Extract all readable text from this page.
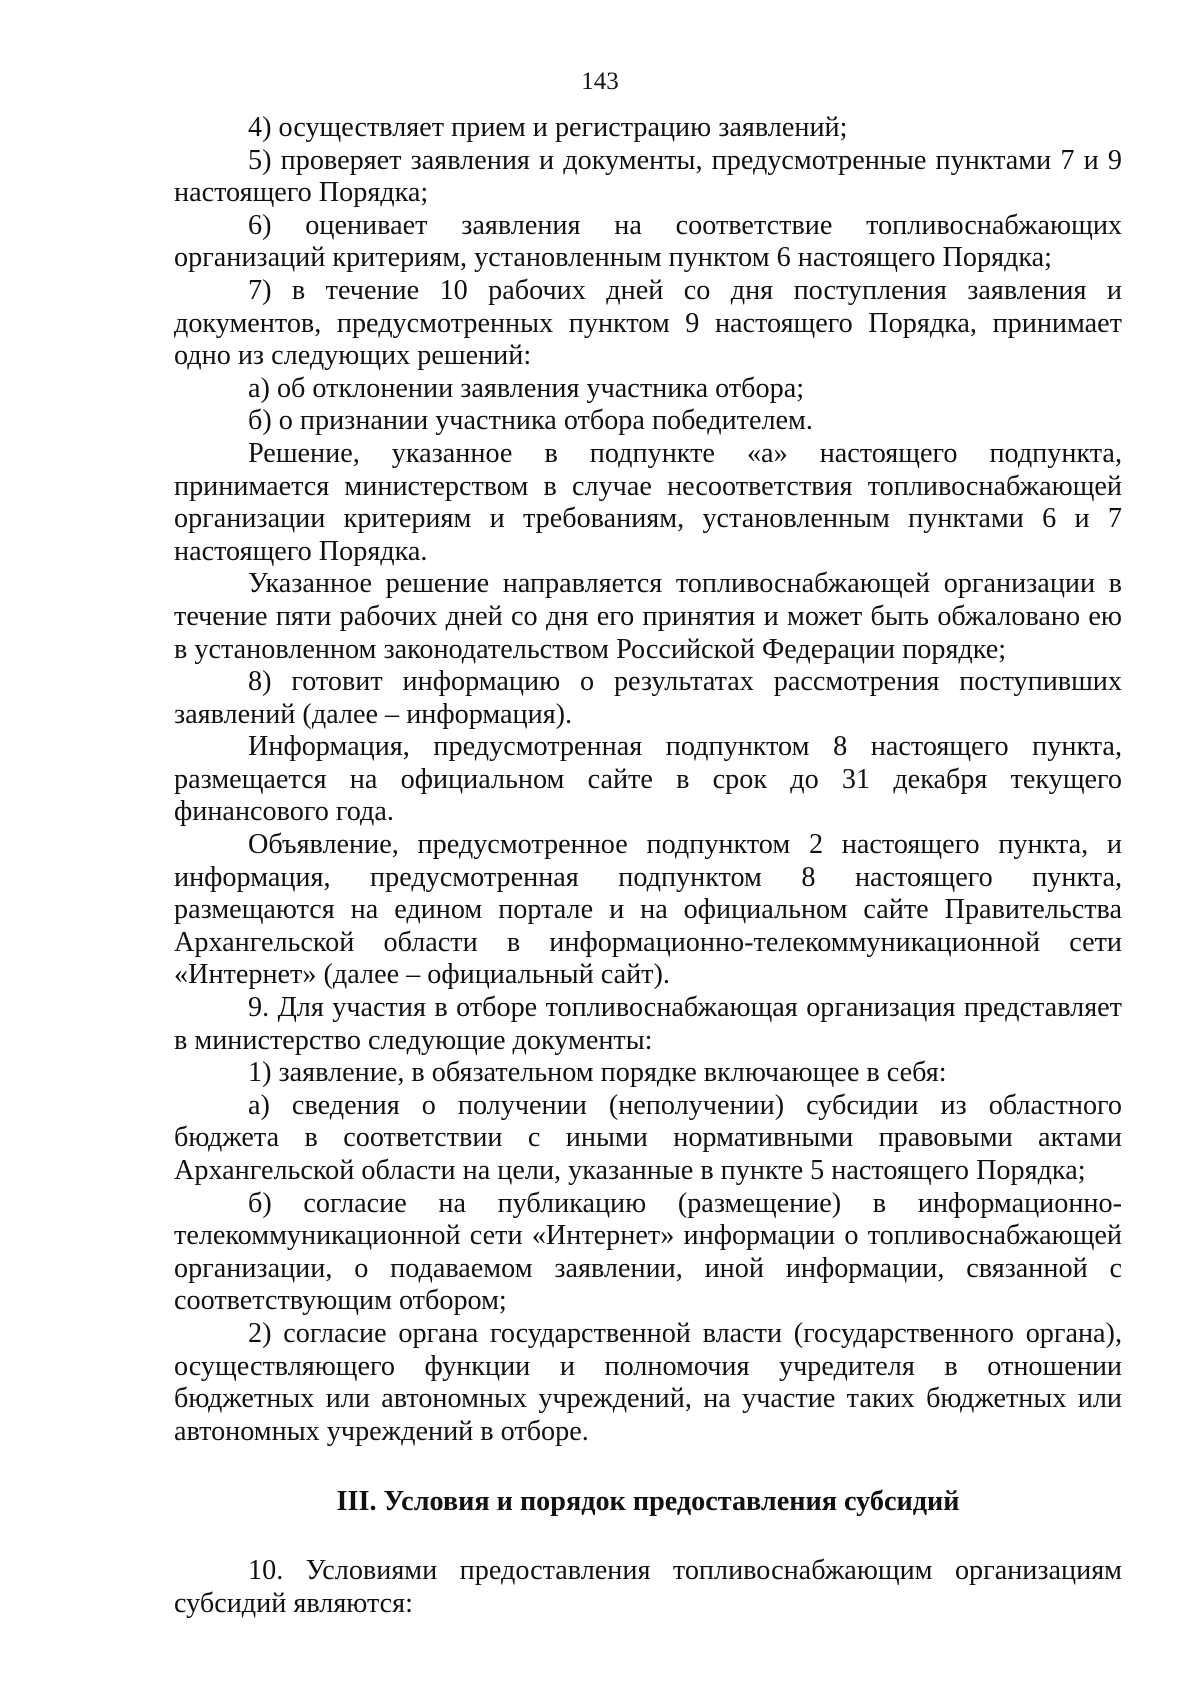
143

4) осуществляет прием и регистрацию заявлений;

5) проверяет заявления и документы, предусмотренные пунктами 7 и 9 настоящего Порядка;

6) оценивает заявления на соответствие топливоснабжающих организаций критериям, установленным пунктом 6 настоящего Порядка;

7) в течение 10 рабочих дней со дня поступления заявления и документов, предусмотренных пунктом 9 настоящего Порядка, принимает одно из следующих решений:

а) об отклонении заявления участника отбора;

б) о признании участника отбора победителем.

Решение, указанное в подпункте «а» настоящего подпункта, принимается министерством в случае несоответствия топливоснабжающей организации критериям и требованиям, установленным пунктами 6 и 7 настоящего Порядка.

Указанное решение направляется топливоснабжающей организации в течение пяти рабочих дней со дня его принятия и может быть обжаловано ею в установленном законодательством Российской Федерации порядке;

8) готовит информацию о результатах рассмотрения поступивших заявлений (далее – информация).

Информация, предусмотренная подпунктом 8 настоящего пункта, размещается на официальном сайте в срок до 31 декабря текущего финансового года.

Объявление, предусмотренное подпунктом 2 настоящего пункта, и информация, предусмотренная подпунктом 8 настоящего пункта, размещаются на едином портале и на официальном сайте Правительства Архангельской области в информационно-телекоммуникационной сети «Интернет» (далее – официальный сайт).

9. Для участия в отборе топливоснабжающая организация представляет в министерство следующие документы:

1) заявление, в обязательном порядке включающее в себя:

а) сведения о получении (неполучении) субсидии из областного бюджета в соответствии с иными нормативными правовыми актами Архангельской области на цели, указанные в пункте 5 настоящего Порядка;

б) согласие на публикацию (размещение) в информационно-телекоммуникационной сети «Интернет» информации о топливоснабжающей организации, о подаваемом заявлении, иной информации, связанной с соответствующим отбором;

2) согласие органа государственной власти (государственного органа), осуществляющего функции и полномочия учредителя в отношении бюджетных или автономных учреждений, на участие таких бюджетных или автономных учреждений в отборе.

III. Условия и порядок предоставления субсидий

10. Условиями предоставления топливоснабжающим организациям субсидий являются:
